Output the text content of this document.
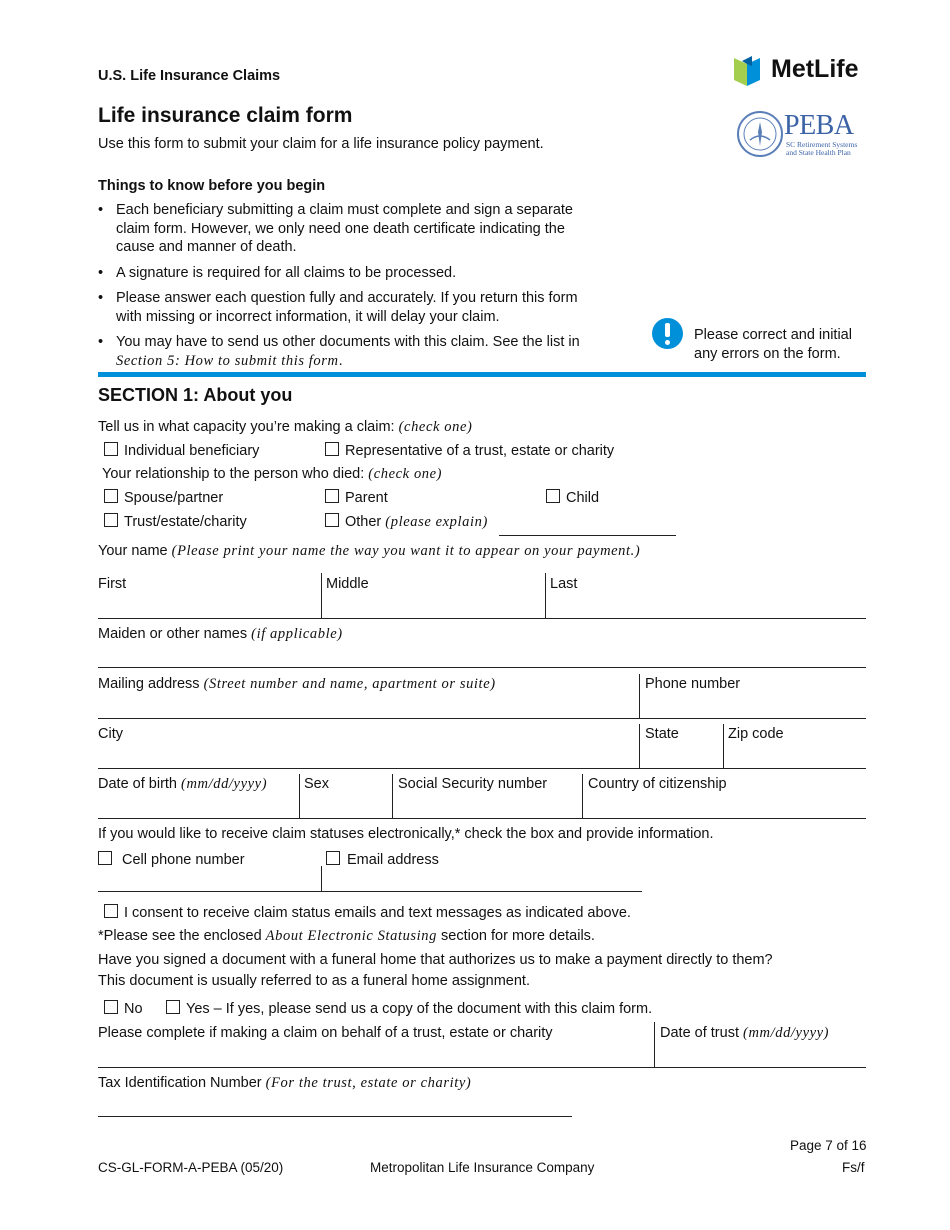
U.S. Life Insurance Claims
Life insurance claim form
Use this form to submit your claim for a life insurance policy payment.
MetLife
PEBA
SC Retirement Systems
and State Health Plan
Things to know before you begin
• Each beneficiary submitting a claim must complete and sign a separate claim form. However, we only need one death certificate indicating the cause and manner of death.
• A signature is required for all claims to be processed.
• Please answer each question fully and accurately. If you return this form with missing or incorrect information, it will delay your claim.
• You may have to send us other documents with this claim. See the list in Section 5: How to submit this form.
Please correct and initial any errors on the form.
SECTION 1: About you
Tell us in what capacity you’re making a claim: (check one)
Individual beneficiary	Representative of a trust, estate or charity
Your relationship to the person who died: (check one)
Spouse/partner	Parent	Child
Trust/estate/charity	Other (please explain)
Your name (Please print your name the way you want it to appear on your payment.)
First	Middle	Last
Maiden or other names (if applicable)
Mailing address (Street number and name, apartment or suite)	Phone number
City	State	Zip code
Date of birth (mm/dd/yyyy)	Sex	Social Security number	Country of citizenship
If you would like to receive claim statuses electronically,* check the box and provide information.
Cell phone number	Email address
I consent to receive claim status emails and text messages as indicated above.
*Please see the enclosed About Electronic Statusing section for more details.
Have you signed a document with a funeral home that authorizes us to make a payment directly to them?
This document is usually referred to as a funeral home assignment.
No	Yes – If yes, please send us a copy of the document with this claim form.
Please complete if making a claim on behalf of a trust, estate or charity	Date of trust (mm/dd/yyyy)
Tax Identification Number (For the trust, estate or charity)
Page 7 of 16
CS-GL-FORM-A-PEBA (05/20)	Metropolitan Life Insurance Company	Fs/f
